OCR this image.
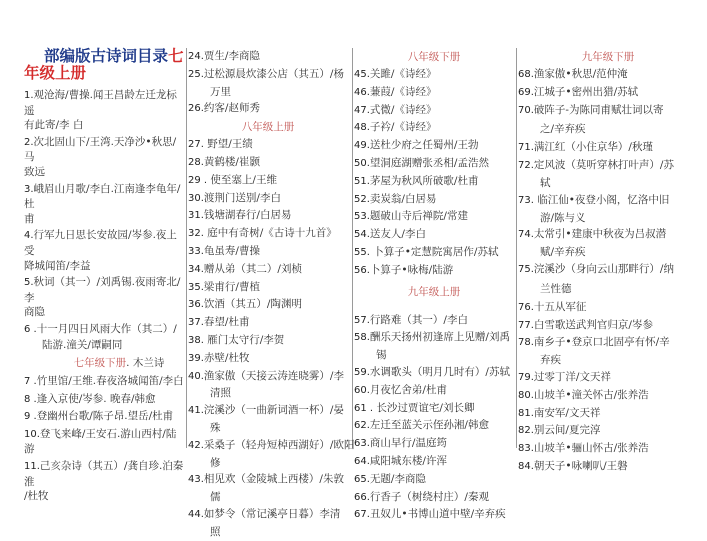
部编版古诗词目录七
年级上册
1.观沧海/曹操.闻王昌龄左迁龙标遥
有此寄/李 白
2.次北固山下/王湾.天净沙•秋思/马
致远
3.峨眉山月歌/李白.江南逢李龟年/杜
甫
4.行军九日思长安故园/岑参.夜上受
降城闻笛/李益
5.秋词（其一）/刘禹锡.夜雨寄北/李
商隐
6 .十一月四日风雨大作（其二）/
陆游.潼关/谭嗣同
七年级下册. 木兰诗
7 .竹里馆/王维.春夜洛城闻笛/李白
8 .逢入京使/岑参. 晚春/韩愈
9 .登幽州台歌/陈子昂.望岳/杜甫
10.登飞来峰/王安石.游山西村/陆游
11.己亥杂诗（其五）/龚自珍.泊秦淮
/杜牧
24.贾生/李商隐
25.过松源晨炊漆公店（其五）/杨
万里
26.约客/赵师秀
八年级上册
27. 野望/王绩
28.黄鹤楼/崔颢
29 . 使至塞上/王维
30.渡荆门送别/李白
31.钱塘湖春行/白居易
32. 庭中有奇树/《古诗十九首》
33.龟虽寿/曹操
34.赠从弟（其二）/刘桢
35.梁甫行/曹植
36.饮酒（其五）/陶渊明
37.春望/杜甫
38. 雁门太守行/李贺
39.赤壁/杜牧
40.渔家傲（天接云涛连晓雾）/李
清照
41.浣溪沙（一曲新词酒一杯）/晏
殊
42.采桑子（轻舟短棹西湖好）/欧阳
修
43.相见欢（金陵城上西楼）/朱敦
儒
44.如梦令（常记溪亭日暮）李清
照
八年级下册
45.关雎/《诗经》
46.蒹葭/《诗经》
47.式微/《诗经》
48.子衿/《诗经》
49.送杜少府之任蜀州/王勃
50.望洞庭湖赠张丞相/孟浩然
51.茅屋为秋风所破歌/杜甫
52.卖炭翁/白居易
53.题破山寺后禅院/常建
54.送友人/李白
55. 卜算子•定慧院寓居作/苏轼
56.卜算子•咏梅/陆游
九年级上册
57.行路难（其一）/李白
58.酬乐天扬州初逢席上见赠/刘禹
锡
59.水调歌头（明月几时有）/苏轼
60.月夜忆舍弟/杜甫
61 . 长沙过贾谊宅/刘长卿
62.左迁至蓝关示侄孙湘/韩愈
63.商山早行/温庭筠
64.咸阳城东楼/许浑
65.无题/李商隐
66.行香子（树绕村庄）/秦观
67.丑奴儿•书博山道中壁/辛弃疾
九年级下册
68.渔家傲•秋思/范仲淹
69.江城子•密州出猎/苏轼
70.破阵子-为陈同甫赋壮词以寄
之/辛弃疾
71.满江红（小住京华）/秋瑾
72.定风波（莫听穿林打叶声）/苏
轼
73. 临江仙•夜登小阁，忆洛中旧
游/陈与义
74.太常引•建康中秋夜为吕叔潜
赋/辛弃疾
75.浣溪沙（身向云山那畔行）/纳
兰性德
76.十五从军征
77.白雪歌送武判官归京/岑参
78.南乡子•登京口北固亭有怀/辛
弃疾
79.过零丁洋/文天祥
80.山坡羊•潼关怀古/张养浩
81.南安军/文天祥
82.别云间/夏完淳
83.山坡羊•骊山怀古/张养浩
84.朝天子•咏喇叭/王磐
